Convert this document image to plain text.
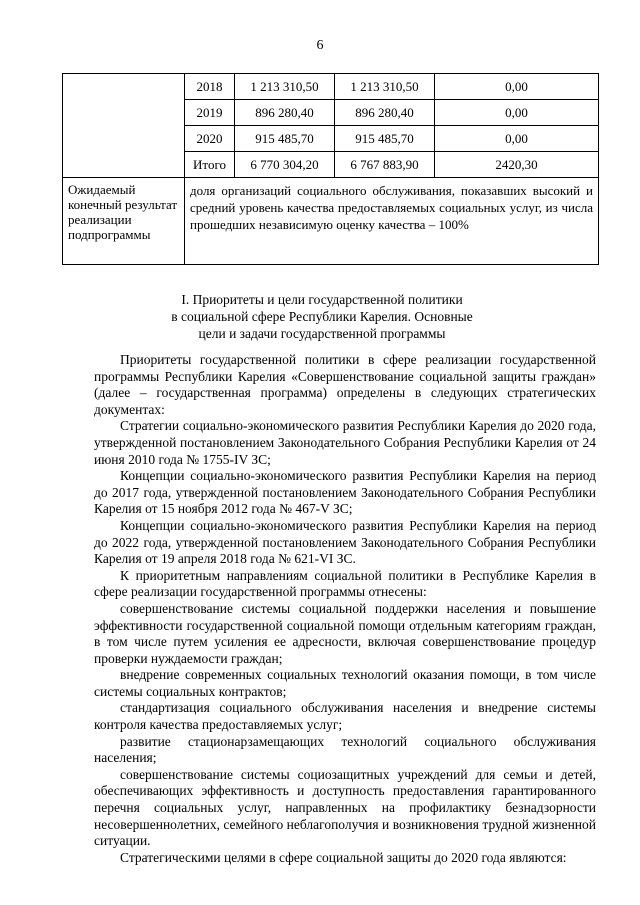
6
	2018	1 213 310,50	1 213 310,50	0,00
	2019	896 280,40	896 280,40	0,00
	2020	915 485,70	915 485,70	0,00
	Итого	6 770 304,20	6 767 883,90	2420,30
Ожидаемый конечный результат реализации подпрограммы	доля организаций социального обслуживания, показавших высокий и средний уровень качества предоставляемых социальных услуг, из числа прошедших независимую оценку качества – 100%			
I. Приоритеты и цели государственной политики
в социальной сфере Республики Карелия. Основные
цели и задачи государственной программы

Приоритеты государственной политики в сфере реализации государственной программы Республики Карелия «Совершенствование социальной защиты граждан» (далее – государственная программа) определены в следующих стратегических документах:

Стратегии социально-экономического развития Республики Карелия до 2020 года, утвержденной постановлением Законодательного Собрания Республики Карелия от 24 июня 2010 года № 1755-IV ЗС;

Концепции социально-экономического развития Республики Карелия на период до 2017 года, утвержденной постановлением Законодательного Собрания Республики Карелия от 15 ноября 2012 года № 467-V ЗС;

Концепции социально-экономического развития Республики Карелия на период до 2022 года, утвержденной постановлением Законодательного Собрания Республики Карелия от 19 апреля 2018 года № 621-VI ЗС.

К приоритетным направлениям социальной политики в Республике Карелия в сфере реализации государственной программы отнесены:

совершенствование системы социальной поддержки населения и повышение эффективности государственной социальной помощи отдельным категориям граждан, в том числе путем усиления ее адресности, включая совершенствование процедур проверки нуждаемости граждан;

внедрение современных социальных технологий оказания помощи, в том числе системы социальных контрактов;

стандартизация социального обслуживания населения и внедрение системы контроля качества предоставляемых услуг;

развитие стационарзамещающих технологий социального обслуживания населения;

совершенствование системы социозащитных учреждений для семьи и детей, обеспечивающих эффективность и доступность предоставления гарантированного перечня социальных услуг, направленных на профилактику безнадзорности несовершеннолетних, семейного неблагополучия и возникновения трудной жизненной ситуации.

Стратегическими целями в сфере социальной защиты до 2020 года являются:
